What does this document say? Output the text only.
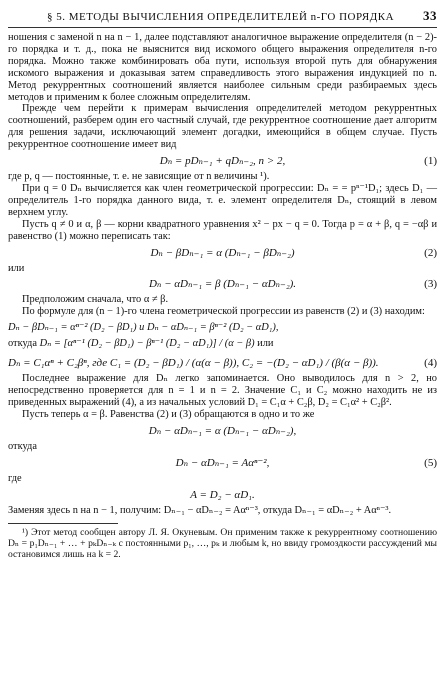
§ 5. МЕТОДЫ ВЫЧИСЛЕНИЯ ОПРЕДЕЛИТЕЛЕЙ n-ГО ПОРЯДКА	33

ношения с заменой n на n − 1, далее подставляют аналогичное выражение определителя (n − 2)-го порядка и т. д., пока не выяснится вид искомого общего выражения определителя n-го порядка. Можно также комбинировать оба пути, используя второй путь для обнаружения искомого выражения и доказывая затем справедливость этого выражения индукцией по n. Метод рекуррентных соотношений является наиболее сильным среди разбираемых здесь методов и применим к более сложным определителям.

Прежде чем перейти к примерам вычисления определителей методом рекуррентных соотношений, разберем один его частный случай, где рекуррентное соотношение дает алгоритм для решения задачи, исключающий элемент догадки, имеющийся в общем случае. Пусть рекуррентное соотношение имеет вид

Dₙ = pDₙ₋₁ + qDₙ₋₂, n > 2,	(1)

где p, q — постоянные, т. е. не зависящие от n величины ¹).

При q = 0 Dₙ вычисляется как член геометрической прогрессии: Dₙ = = pⁿ⁻¹D₁; здесь D₁ — определитель 1-го порядка данного вида, т. е. элемент определителя Dₙ, стоящий в левом верхнем углу.

Пусть q ≠ 0 и α, β — корни квадратного уравнения x² − px − q = 0. Тогда p = α + β, q = −αβ и равенство (1) можно переписать так:

Dₙ − βDₙ₋₁ = α (Dₙ₋₁ − βDₙ₋₂)	(2)

или

Dₙ − αDₙ₋₁ = β (Dₙ₋₁ − αDₙ₋₂).	(3)

Предположим сначала, что α ≠ β.

По формуле для (n − 1)-го члена геометрической прогрессии из равенств (2) и (3) находим:

Dₙ − βDₙ₋₁ = αⁿ⁻² (D₂ − βD₁) и Dₙ − αDₙ₋₁ = βⁿ⁻² (D₂ − αD₁),
откуда Dₙ = [αⁿ⁻¹ (D₂ − βD₁) − βⁿ⁻¹ (D₂ − αD₁)] / (α − β) или
Dₙ = C₁αⁿ + C₂βⁿ, где C₁ = (D₂ − βD₁) / (α(α − β)), C₂ = −(D₂ − αD₁) / (β(α − β)).	(4)

Последнее выражение для Dₙ легко запоминается. Оно выводилось для n > 2, но непосредственно проверяется для n = 1 и n = 2. Значение C₁ и C₂ можно находить не из приведенных выражений (4), а из начальных условий D₁ = C₁α + C₂β, D₂ = C₁α² + C₂β².

Пусть теперь α = β. Равенства (2) и (3) обращаются в одно и то же

Dₙ − αDₙ₋₁ = α (Dₙ₋₁ − αDₙ₋₂),

откуда

Dₙ − αDₙ₋₁ = Aαⁿ⁻²,	(5)

где

A = D₂ − αD₁.

Заменяя здесь n на n − 1, получим: Dₙ₋₁ − αDₙ₋₂ = Aαⁿ⁻³, откуда Dₙ₋₁ = αDₙ₋₂ + Aαⁿ⁻³.

¹) Этот метод сообщен автору Л. Я. Окуневым. Он применим также к рекуррентному соотношению Dₙ = p₁Dₙ₋₁ + … + pₖDₙ₋ₖ с постоянными p₁, …, pₖ и любым k, но ввиду громоздкости рассуждений мы остановимся лишь на k = 2.
